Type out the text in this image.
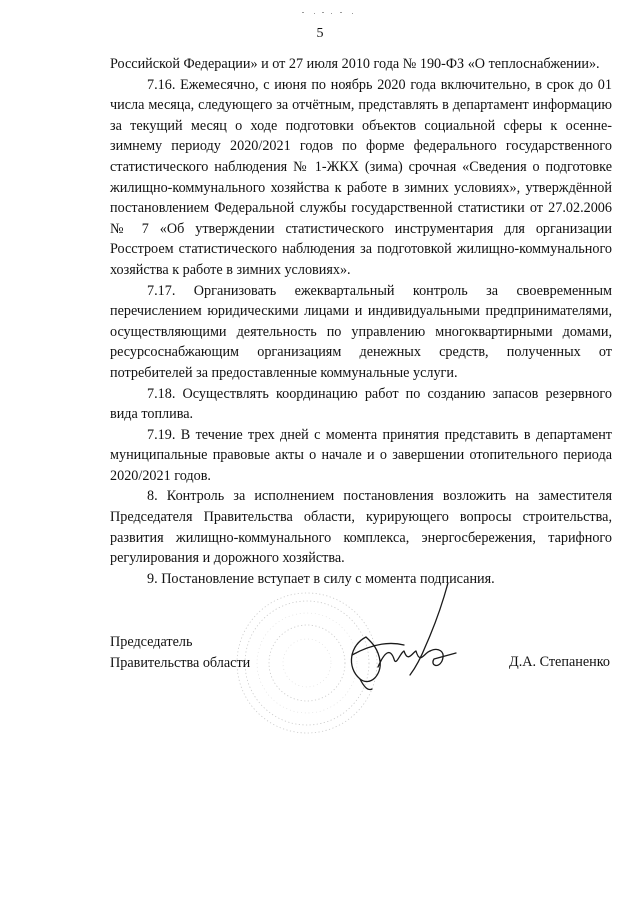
5

Российской Федерации» и от 27 июля 2010 года № 190-ФЗ «О теплоснабжении».

7.16. Ежемесячно, с июня по ноябрь 2020 года включительно, в срок до 01 числа месяца, следующего за отчётным, представлять в департамент информацию за текущий месяц о ходе подготовки объектов социальной сферы к осенне-зимнему периоду 2020/2021 годов по форме федерального государственного статистического наблюдения № 1-ЖКХ (зима) срочная «Сведения о подготовке жилищно-коммунального хозяйства к работе в зимних условиях», утверждённой постановлением Федеральной службы государственной статистики от 27.02.2006 № 7 «Об утверждении статистического инструментария для организации Росстроем статистического наблюдения за подготовкой жилищно-коммунального хозяйства к работе в зимних условиях».

7.17. Организовать ежеквартальный контроль за своевременным перечислением юридическими лицами и индивидуальными предпринимателями, осуществляющими деятельность по управлению многоквартирными домами, ресурсоснабжающим организациям денежных средств, полученных от потребителей за предоставленные коммунальные услуги.

7.18. Осуществлять координацию работ по созданию запасов резервного вида топлива.

7.19. В течение трех дней с момента принятия представить в департамент муниципальные правовые акты о начале и о завершении отопительного периода 2020/2021 годов.

8. Контроль за исполнением постановления возложить на заместителя Председателя Правительства области, курирующего вопросы строительства, развития жилищно-коммунального комплекса, энергосбережения, тарифного регулирования и дорожного хозяйства.

9. Постановление вступает в силу с момента подписания.

Председатель
Правительства области	Д.А. Степаненко
